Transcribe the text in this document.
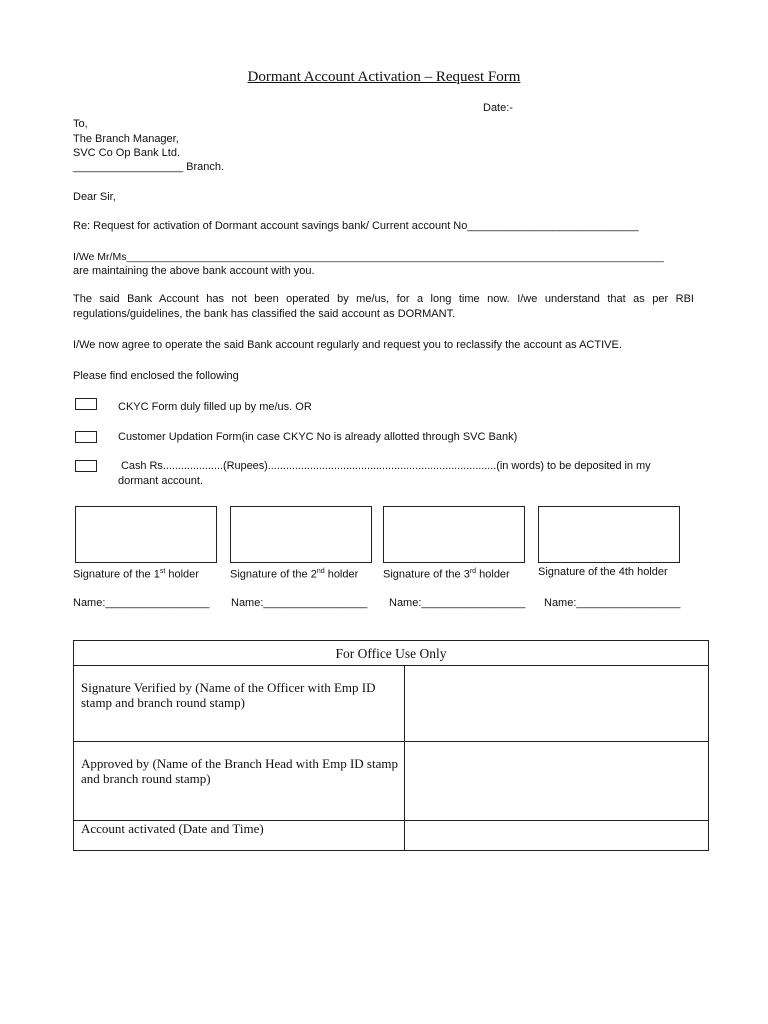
Dormant Account Activation – Request Form
Date:-
To,
The Branch Manager,
SVC Co Op Bank Ltd.
__________________ Branch.
Dear Sir,
Re: Request for activation of Dormant account savings bank/ Current account No____________________________
I/We Mr/Ms____________________________________________________________________________________________
are maintaining the above bank account with you.
The said Bank Account has not been operated by me/us, for a long time now. I/we understand that as per RBI regulations/guidelines, the bank has classified the said account as DORMANT.
I/We now agree to operate the said Bank account regularly and request you to reclassify the account as ACTIVE.
Please find enclosed the following
CKYC Form duly filled up by me/us. OR
Customer Updation Form(in case CKYC No is already allotted through SVC Bank)
Cash Rs....................(Rupees)............................................................................(in words) to be deposited in my
dormant account.
Signature of the 1st holder	Signature of the 2nd holder Signature of the 3rd holder	Signature of the 4th holder
Name:_________________ Name:_________________ Name:_________________ Name:_________________
For Office Use Only	
Signature Verified by (Name of the Officer with Emp ID stamp and branch round stamp)	
Approved by (Name of the Branch Head with Emp ID stamp and branch round stamp)	
Account activated (Date and Time)	
